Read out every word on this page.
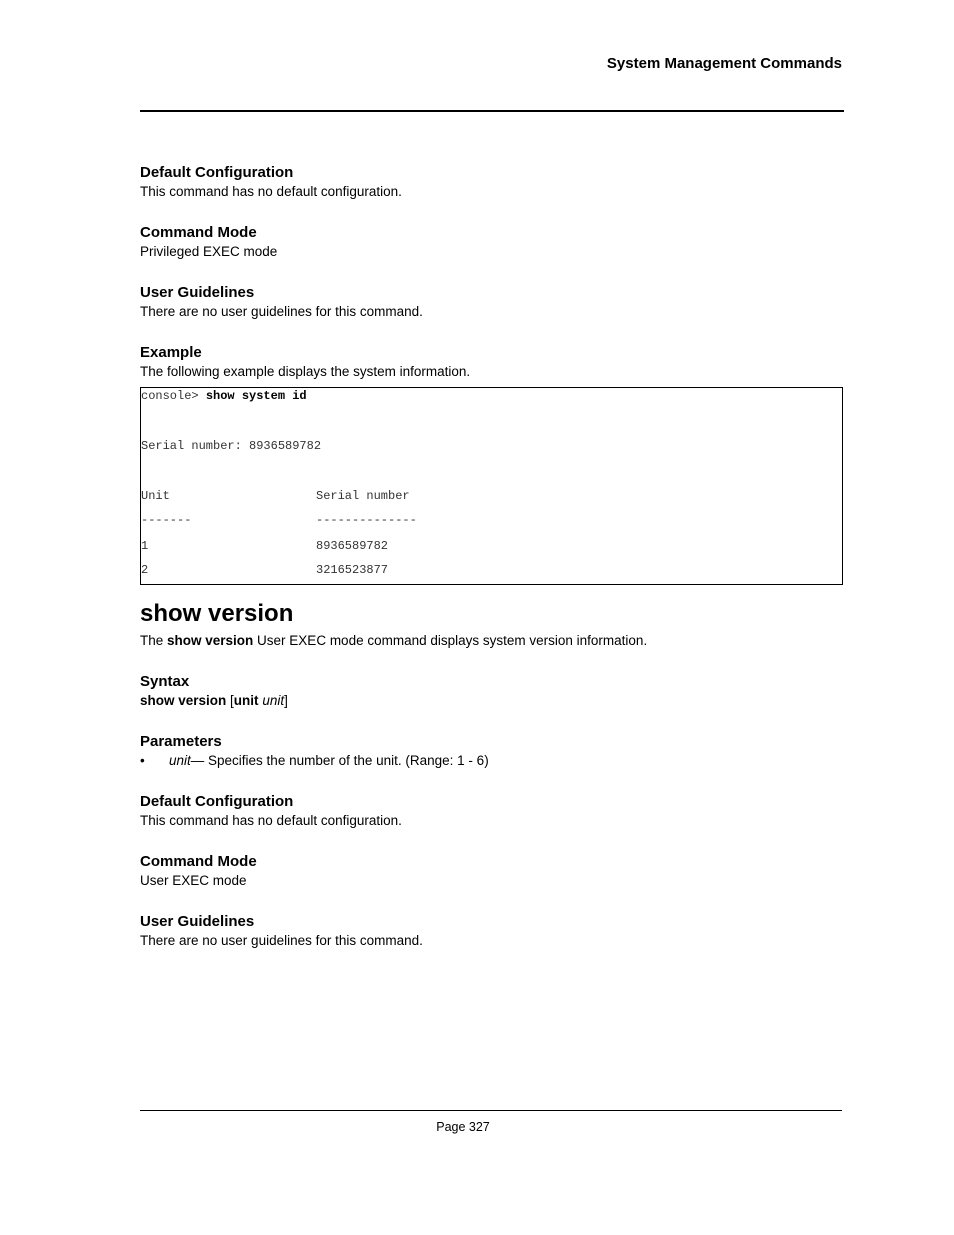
System Management Commands

Default Configuration

This command has no default configuration.

Command Mode

Privileged EXEC mode

User Guidelines

There are no user guidelines for this command.

Example

The following example displays the system information.

console> show system id
Serial number: 8936589782
Unit	Serial number
-------	--------------
1	8936589782
2	3216523877
show version

The show version User EXEC mode command displays system version information.

Syntax

show version [unit unit]

Parameters

• unit— Specifies the number of the unit. (Range: 1 - 6)

Default Configuration

This command has no default configuration.

Command Mode

User EXEC mode

User Guidelines

There are no user guidelines for this command.

Page 327
